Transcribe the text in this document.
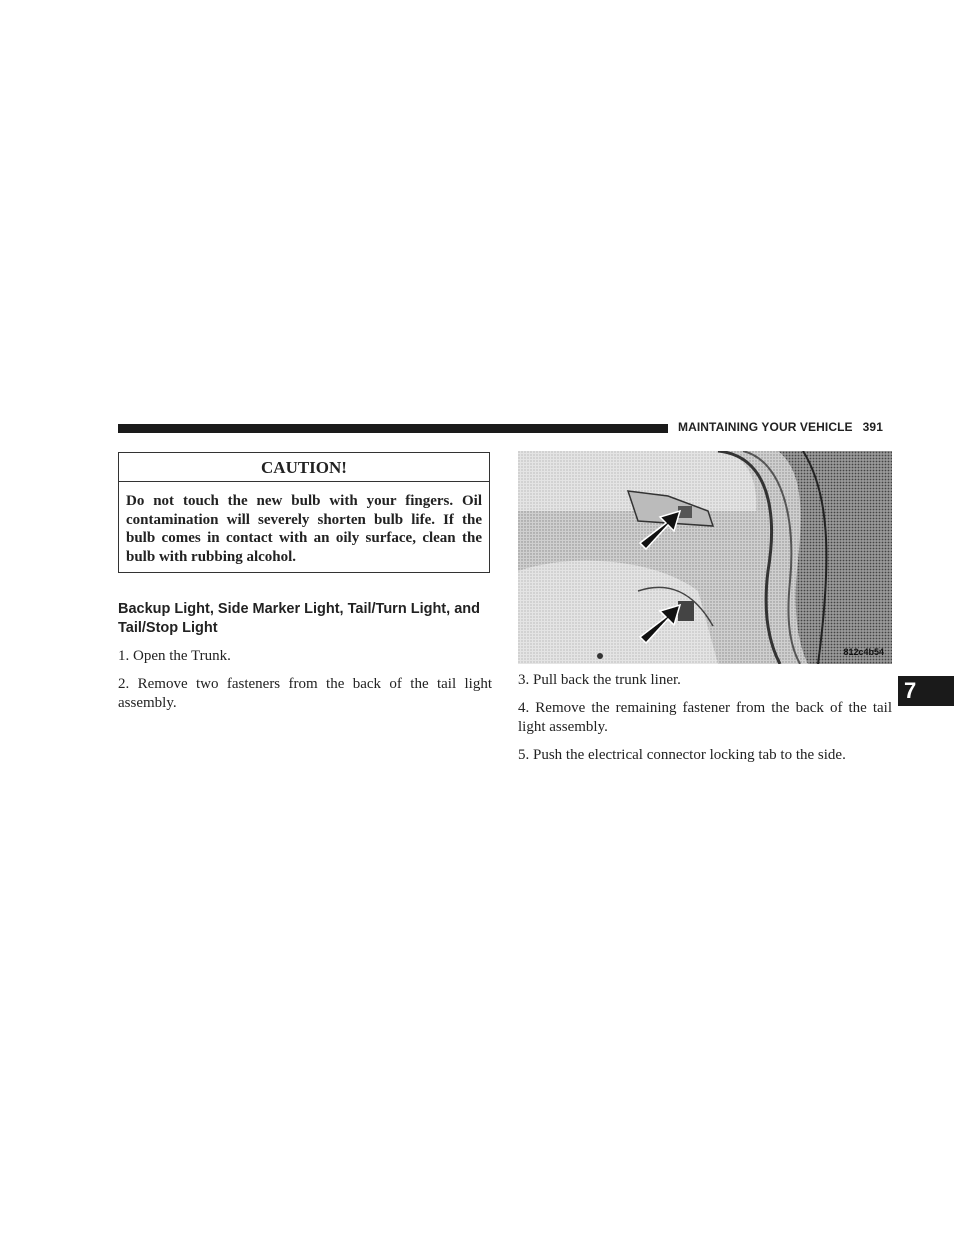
MAINTAINING YOUR VEHICLE 391
CAUTION!
Do not touch the new bulb with your fingers. Oil contamination will severely shorten bulb life. If the bulb comes in contact with an oily surface, clean the bulb with rubbing alcohol.
Backup Light, Side Marker Light, Tail/Turn Light, and Tail/Stop Light
1. Open the Trunk.
2. Remove two fasteners from the back of the tail light assembly.
3. Pull back the trunk liner.
4. Remove the remaining fastener from the back of the tail light assembly.
5. Push the electrical connector locking tab to the side.
812c4b54
7
